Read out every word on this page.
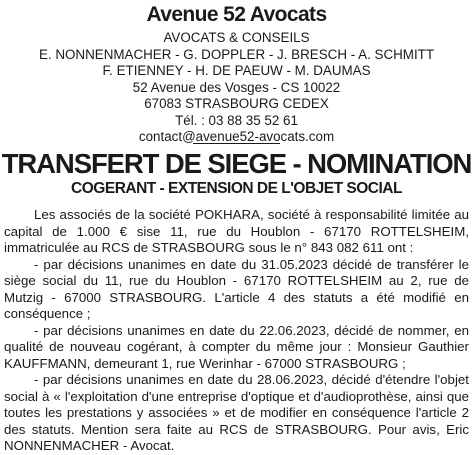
Avenue 52 Avocats
AVOCATS & CONSEILS
E. NONNENMACHER - G. DOPPLER - J. BRESCH - A. SCHMITT
F. ETIENNEY - H. DE PAEUW - M. DAUMAS
52 Avenue des Vosges - CS 10022
67083 STRASBOURG CEDEX
Tél. : 03 88 35 52 61
contact@avenue52-avocats.com
TRANSFERT DE SIEGE - NOMINATION
COGERANT - EXTENSION DE L'OBJET SOCIAL

Les associés de la société POKHARA, société à responsabilité limitée au capital de 1.000 € sise 11, rue du Houblon - 67170 ROTTELSHEIM, immatriculée au RCS de STRASBOURG sous le n° 843 082 611 ont :

- par décisions unanimes en date du 31.05.2023 décidé de transférer le siège social du 11, rue du Houblon - 67170 ROTTELSHEIM au 2, rue de Mutzig - 67000 STRASBOURG. L'article 4 des statuts a été modifié en conséquence ;

- par décisions unanimes en date du 22.06.2023, décidé de nommer, en qualité de nouveau cogérant, à compter du même jour : Monsieur Gauthier KAUFFMANN, demeurant 1, rue Werinhar - 67000 STRASBOURG ;

- par décisions unanimes en date du 28.06.2023, décidé d'étendre l'objet social à « l'exploitation d'une entreprise d'optique et d'audioprothèse, ainsi que toutes les prestations y associées » et de modifier en conséquence l'article 2 des statuts. Mention sera faite au RCS de STRASBOURG. Pour avis, Eric NONNENMACHER - Avocat.
